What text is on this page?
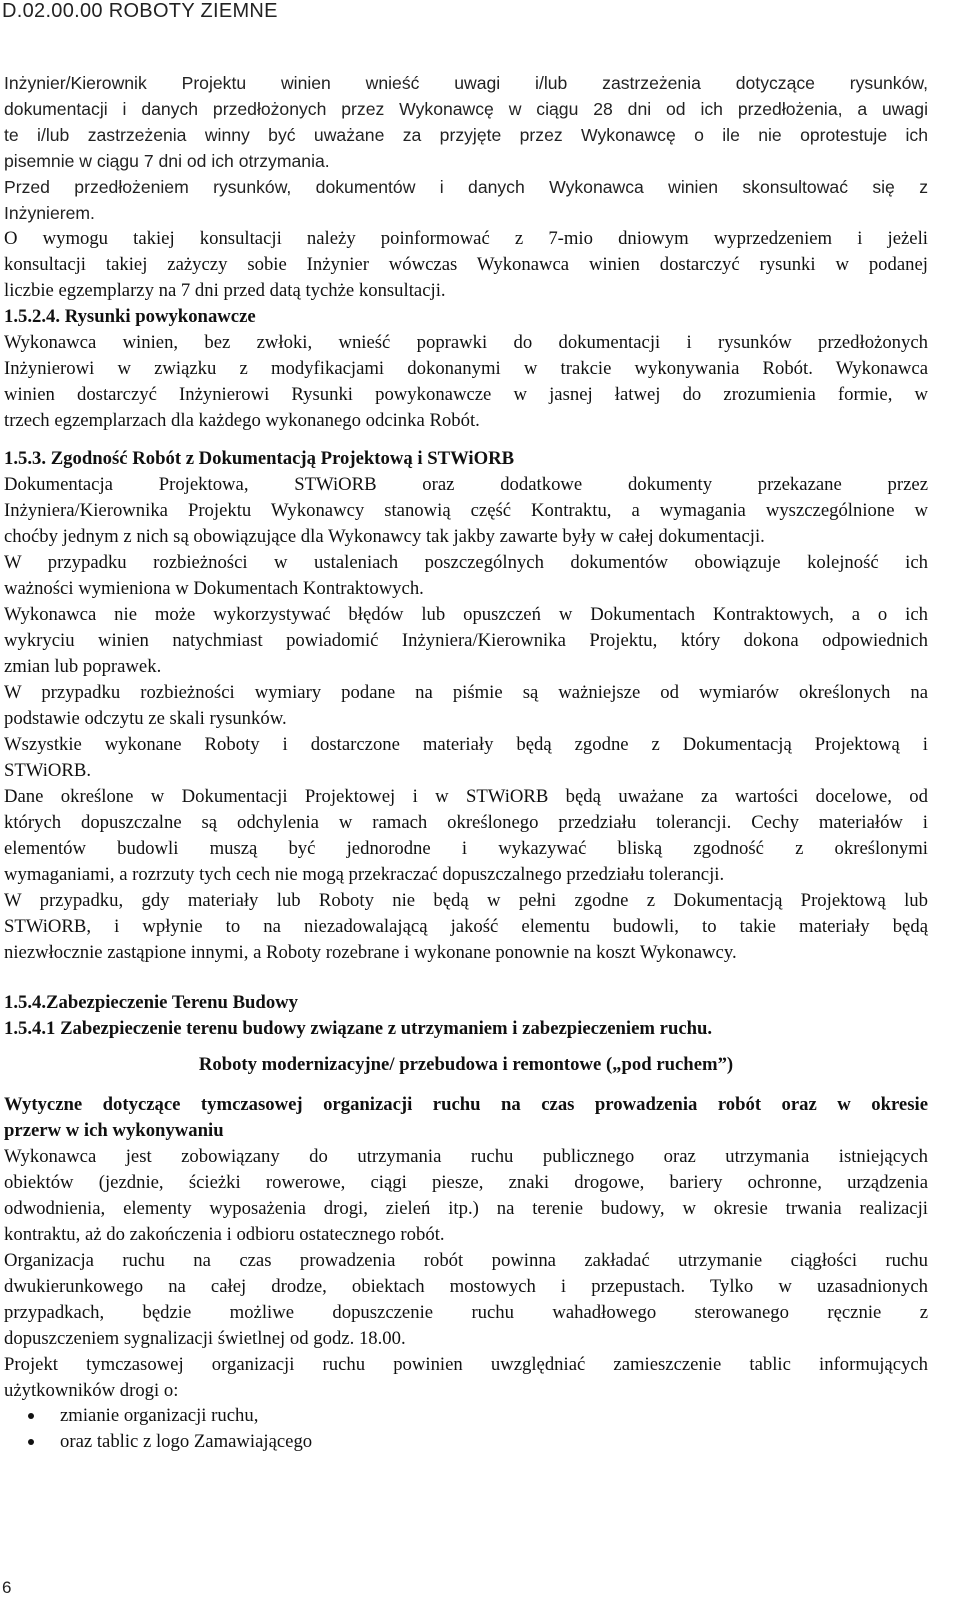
D.02.00.00 ROBOTY ZIEMNE
Inżynier/Kierownik Projektu winien wnieść uwagi i/lub zastrzeżenia dotyczące rysunków,
dokumentacji i danych przedłożonych przez Wykonawcę w ciągu 28 dni od ich przedłożenia, a uwagi
te i/lub zastrzeżenia winny być uważane za przyjęte przez Wykonawcę o ile nie oprotestuje ich
pisemnie w ciągu 7 dni od ich otrzymania.
Przed przedłożeniem rysunków, dokumentów i danych Wykonawca winien skonsultować się z
Inżynierem.
O wymogu takiej konsultacji należy poinformować z 7-mio dniowym wyprzedzeniem i jeżeli
konsultacji takiej zażyczy sobie Inżynier wówczas Wykonawca winien dostarczyć rysunki w podanej
liczbie egzemplarzy na 7 dni przed datą tychże konsultacji.
1.5.2.4. Rysunki powykonawcze
Wykonawca winien, bez zwłoki, wnieść poprawki do dokumentacji i rysunków przedłożonych
Inżynierowi w związku z modyfikacjami dokonanymi w trakcie wykonywania Robót. Wykonawca
winien dostarczyć Inżynierowi Rysunki powykonawcze w jasnej łatwej do zrozumienia formie, w
trzech egzemplarzach dla każdego wykonanego odcinka Robót.
1.5.3. Zgodność Robót z Dokumentacją Projektową i STWiORB
Dokumentacja Projektowa, STWiORB oraz dodatkowe dokumenty przekazane przez
Inżyniera/Kierownika Projektu Wykonawcy stanowią część Kontraktu, a wymagania wyszczególnione w
choćby jednym z nich są obowiązujące dla Wykonawcy tak jakby zawarte były w całej dokumentacji.
W przypadku rozbieżności w ustaleniach poszczególnych dokumentów obowiązuje kolejność ich
ważności wymieniona w Dokumentach Kontraktowych.
Wykonawca nie może wykorzystywać błędów lub opuszczeń w Dokumentach Kontraktowych, a o ich
wykryciu winien natychmiast powiadomić Inżyniera/Kierownika Projektu, który dokona odpowiednich
zmian lub poprawek.
W przypadku rozbieżności wymiary podane na piśmie są ważniejsze od wymiarów określonych na
podstawie odczytu ze skali rysunków.
Wszystkie wykonane Roboty i dostarczone materiały będą zgodne z Dokumentacją Projektową i
STWiORB.
Dane określone w Dokumentacji Projektowej i w STWiORB będą uważane za wartości docelowe, od
których dopuszczalne są odchylenia w ramach określonego przedziału tolerancji. Cechy materiałów i
elementów budowli muszą być jednorodne i wykazywać bliską zgodność z określonymi
wymaganiami, a rozrzuty tych cech nie mogą przekraczać dopuszczalnego przedziału tolerancji.
W przypadku, gdy materiały lub Roboty nie będą w pełni zgodne z Dokumentacją Projektową lub
STWiORB, i wpłynie to na niezadowalającą jakość elementu budowli, to takie materiały będą
niezwłocznie zastąpione innymi, a Roboty rozebrane i wykonane ponownie na koszt Wykonawcy.
1.5.4.Zabezpieczenie Terenu Budowy
1.5.4.1 Zabezpieczenie terenu budowy związane z utrzymaniem i zabezpieczeniem ruchu.
Roboty modernizacyjne/ przebudowa i remontowe („pod ruchem”)
Wytyczne dotyczące tymczasowej organizacji ruchu na czas prowadzenia robót oraz w okresie
przerw w ich wykonywaniu
Wykonawca jest zobowiązany do utrzymania ruchu publicznego oraz utrzymania istniejących
obiektów (jezdnie, ścieżki rowerowe, ciągi piesze, znaki drogowe, bariery ochronne, urządzenia
odwodnienia, elementy wyposażenia drogi, zieleń itp.) na terenie budowy, w okresie trwania realizacji
kontraktu, aż do zakończenia i odbioru ostatecznego robót.
Organizacja ruchu na czas prowadzenia robót powinna zakładać utrzymanie ciągłości ruchu
dwukierunkowego na całej drodze, obiektach mostowych i przepustach. Tylko w uzasadnionych
przypadkach, będzie możliwe dopuszczenie ruchu wahadłowego sterowanego ręcznie z
dopuszczeniem sygnalizacji świetlnej od godz. 18.00.
Projekt tymczasowej organizacji ruchu powinien uwzględniać zamieszczenie tablic informujących
użytkowników drogi o:
zmianie organizacji ruchu,
oraz tablic z logo Zamawiającego
6
